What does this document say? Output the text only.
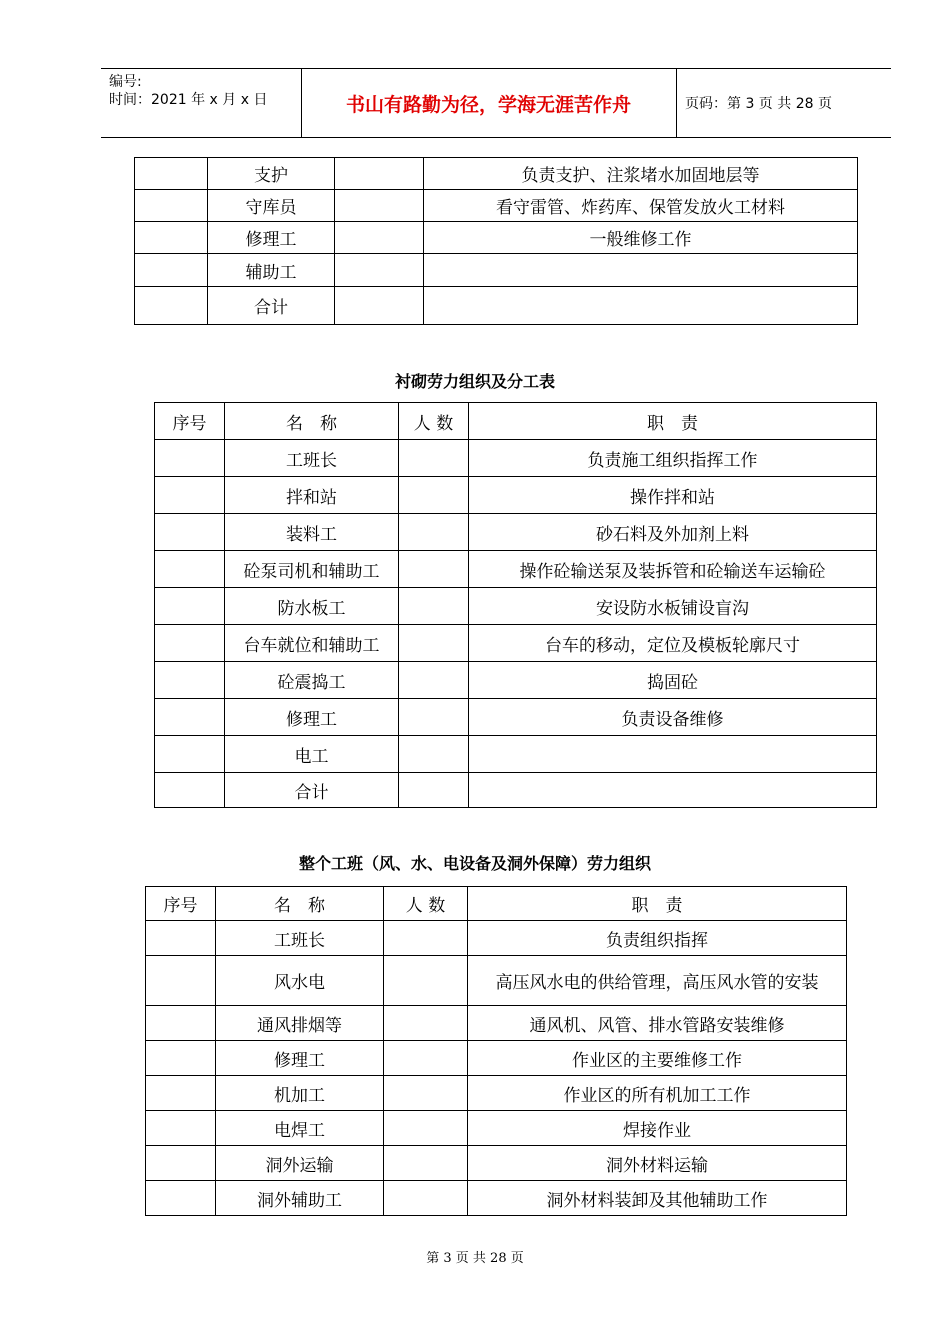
编号:
时间：2021 年 x 月 x 日	书山有路勤为径，学海无涯苦作舟	页码：第 3 页 共 28 页
	支护		负责支护、注浆堵水加固地层等
	守库员		看守雷管、炸药库、保管发放火工材料
	修理工		一般维修工作
	辅助工		
	合计		
衬砌劳力组织及分工表
序号	名　称	人 数	职　责
	工班长		负责施工组织指挥工作
	拌和站		操作拌和站
	装料工		砂石料及外加剂上料
	砼泵司机和辅助工		操作砼输送泵及装拆管和砼输送车运输砼
	防水板工		安设防水板铺设盲沟
	台车就位和辅助工		台车的移动，定位及模板轮廓尺寸
	砼震捣工		捣固砼
	修理工		负责设备维修
	电工		
	合计		
整个工班（风、水、电设备及洞外保障）劳力组织
序号	名　称	人 数	职　责
	工班长		负责组织指挥
	风水电		高压风水电的供给管理，高压风水管的安装
	通风排烟等		通风机、风管、排水管路安装维修
	修理工		作业区的主要维修工作
	机加工		作业区的所有机加工工作
	电焊工		焊接作业
	洞外运输		洞外材料运输
	洞外辅助工		洞外材料装卸及其他辅助工作
第 3 页 共 28 页
